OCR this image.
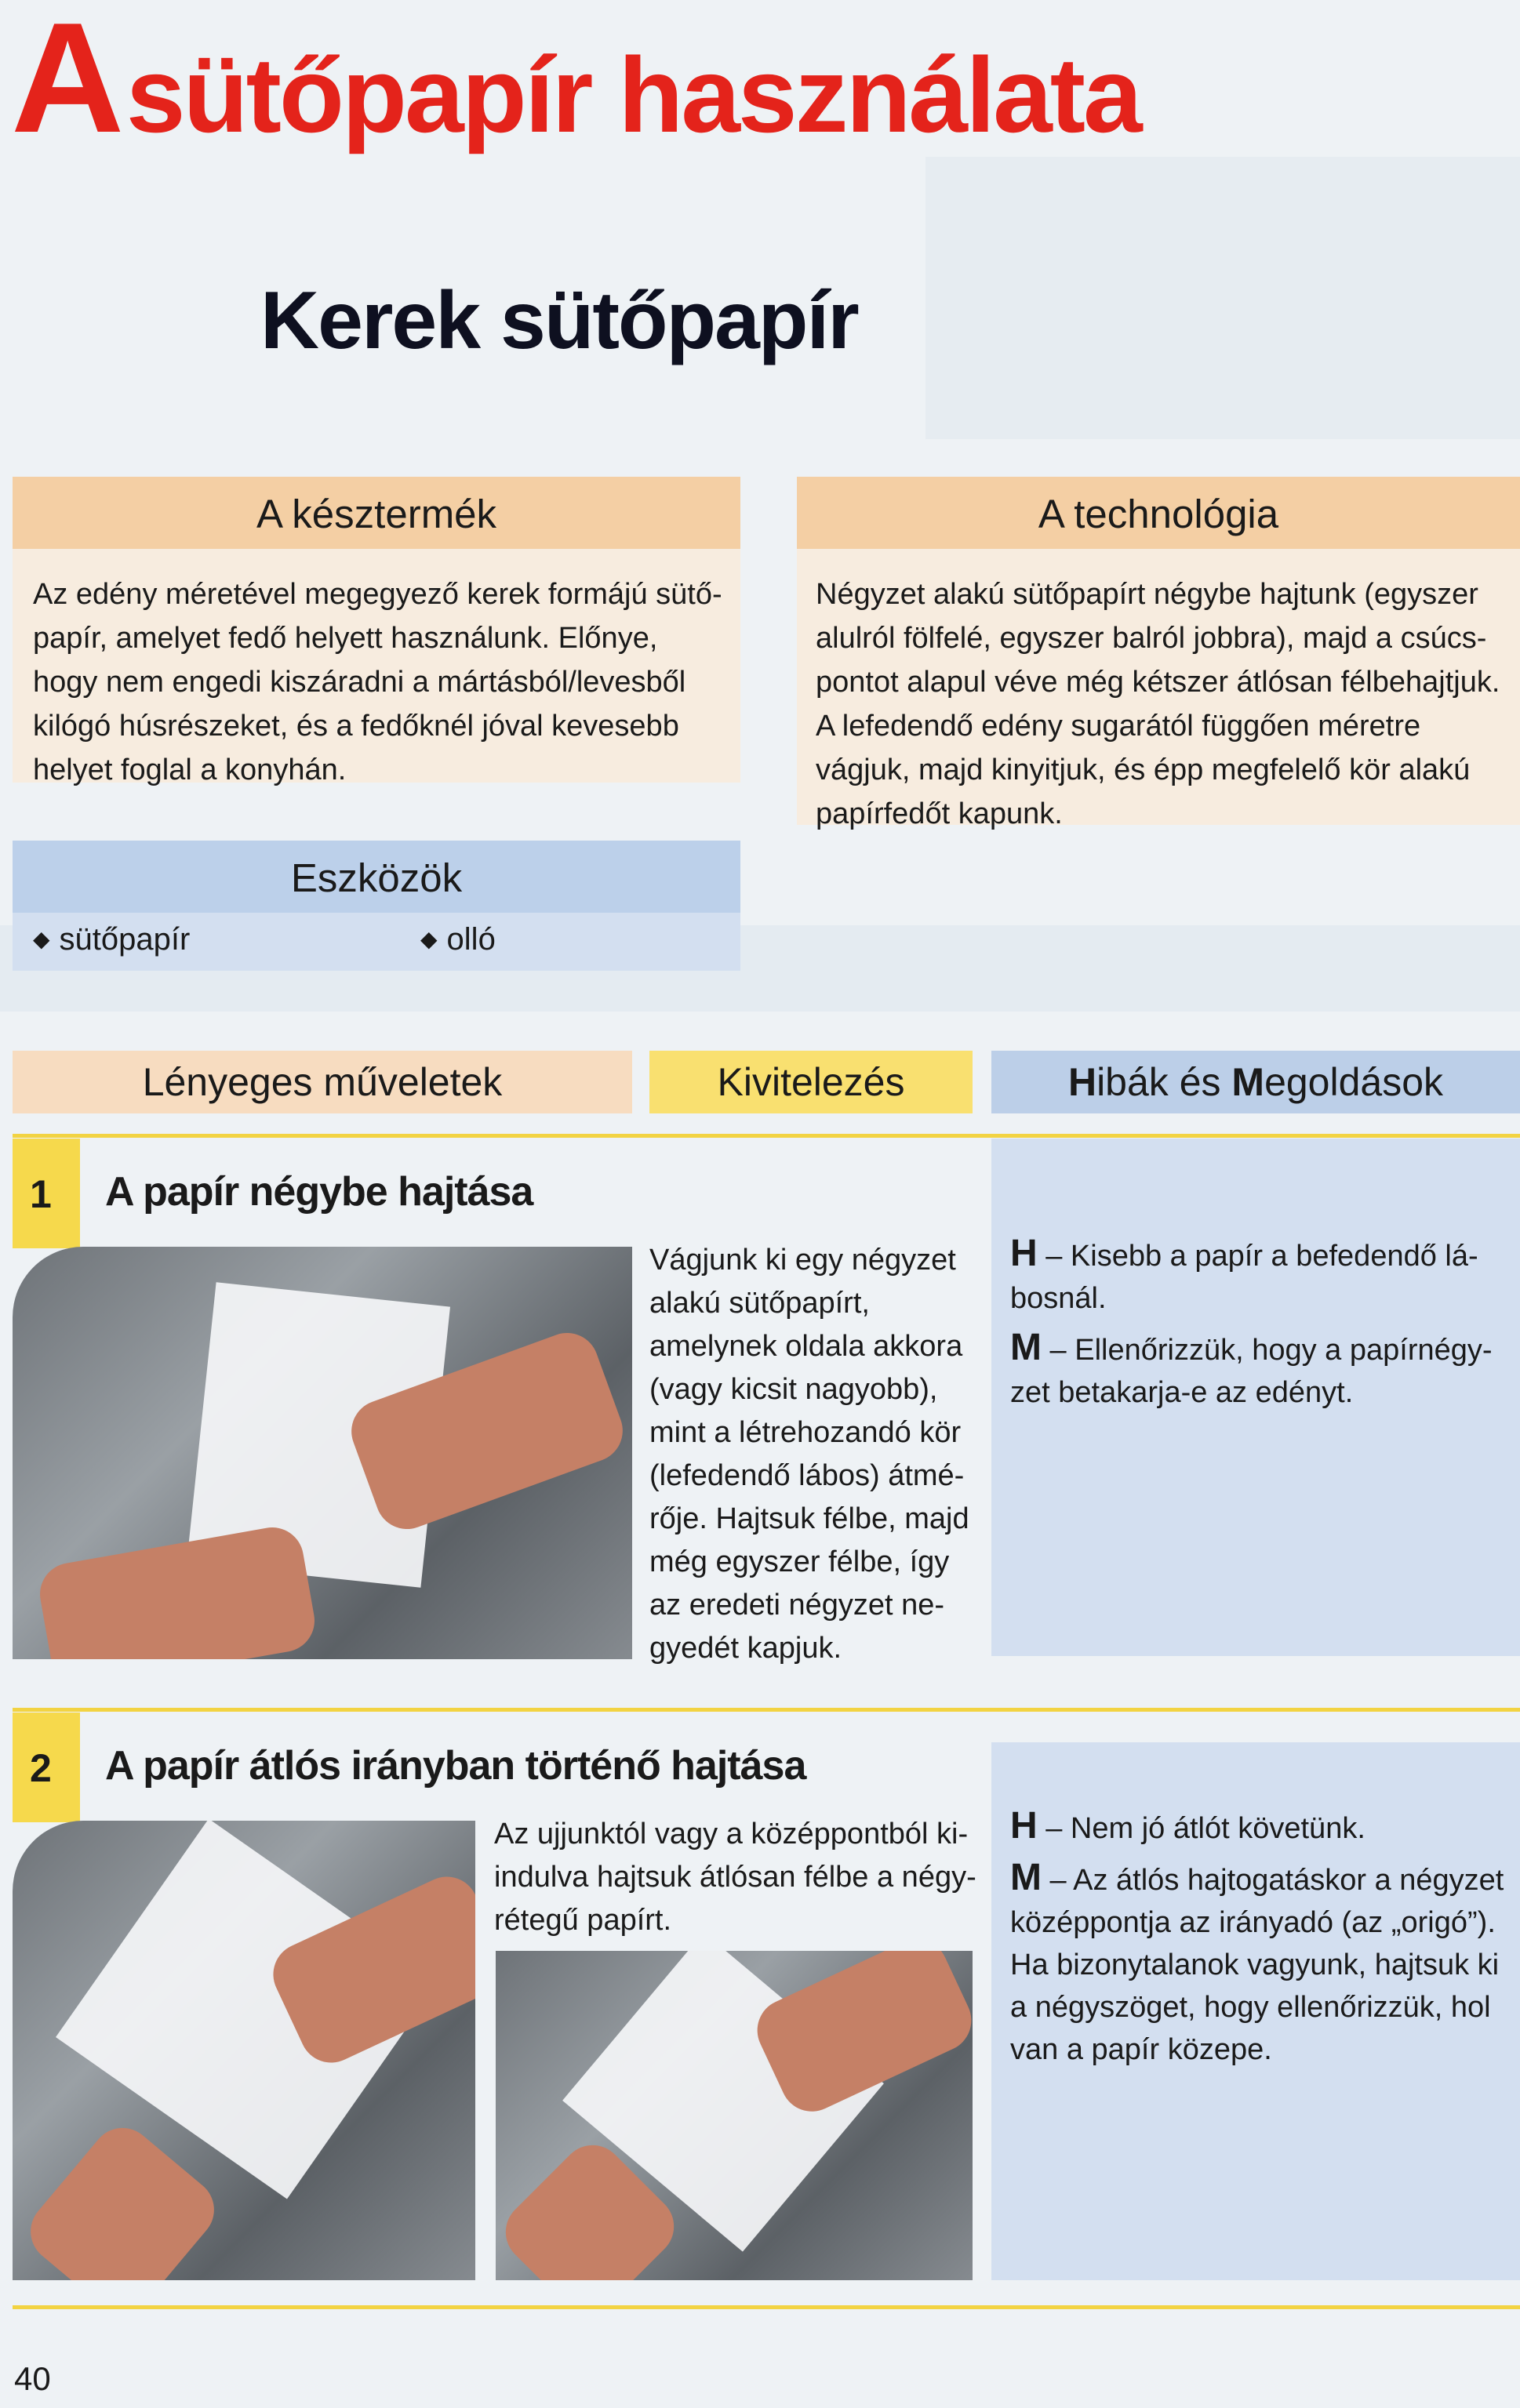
A sütőpapír használata
Kerek sütőpapír
A késztermék
Az edény méretével megegyező kerek formájú sütő-
papír, amelyet fedő helyett használunk. Előnye,
hogy nem engedi kiszáradni a mártásból/levesből
kilógó húsrészeket, és a fedőknél jóval kevesebb
helyet foglal a konyhán.
A technológia
Négyzet alakú sütőpapírt négybe hajtunk (egyszer
alulról fölfelé, egyszer balról jobbra), majd a csúcs-
pontot alapul véve még kétszer átlósan félbehajtjuk.
A lefedendő edény sugarától függően méretre
vágjuk, majd kinyitjuk, és épp megfelelő kör alakú
papírfedőt kapunk.
Eszközök
◆ sütőpapír	◆ olló
Lényeges műveletek	Kivitelezés	Hibák és Megoldások
1 A papír négybe hajtása
Vágjunk ki egy négyzet
alakú sütőpapírt,
amelynek oldala akkora
(vagy kicsit nagyobb),
mint a létrehozandó kör
(lefedendő lábos) átmé-
rője. Hajtsuk félbe, majd
még egyszer félbe, így
az eredeti négyzet ne-
gyedét kapjuk.

H – Kisebb a papír a befedendő lá-

bosnál.

M – Ellenőrizzük, hogy a papírnégy-

zet betakarja-e az edényt.

2 A papír átlós irányban történő hajtása
Az ujjunktól vagy a középpontból ki-
indulva hajtsuk átlósan félbe a négy-
rétegű papírt.

H – Nem jó átlót követünk.

M – Az átlós hajtogatáskor a négyzet

középpontja az irányadó (az „origó”).

Ha bizonytalanok vagyunk, hajtsuk ki

a négyszöget, hogy ellenőrizzük, hol

van a papír közepe.

40
